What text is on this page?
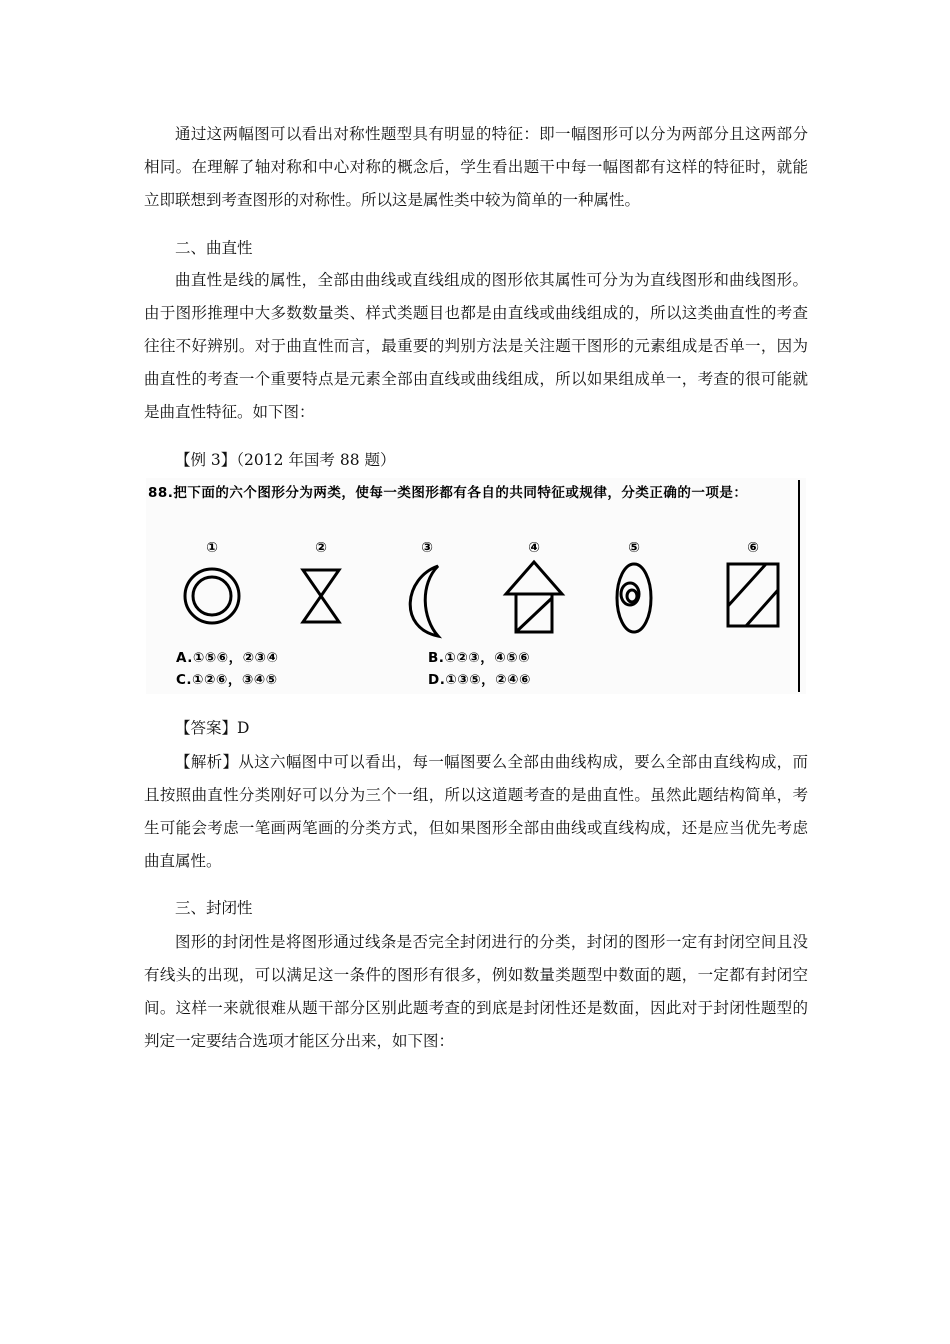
通过这两幅图可以看出对称性题型具有明显的特征：即一幅图形可以分为两部分且这两部分相同。在理解了轴对称和中心对称的概念后，学生看出题干中每一幅图都有这样的特征时，就能立即联想到考查图形的对称性。所以这是属性类中较为简单的一种属性。

二、曲直性

曲直性是线的属性，全部由曲线或直线组成的图形依其属性可分为为直线图形和曲线图形。由于图形推理中大多数数量类、样式类题目也都是由直线或曲线组成的，所以这类曲直性的考查往往不好辨别。对于曲直性而言，最重要的判别方法是关注题干图形的元素组成是否单一，因为曲直性的考查一个重要特点是元素全部由直线或曲线组成，所以如果组成单一，考查的很可能就是曲直性特征。如下图：

【例 3】（2012 年国考 88 题）

88.把下面的六个图形分为两类，使每一类图形都有各自的共同特征或规律，分类正确的一项是：
①	②	③	④	⑤	⑥
A.①⑤⑥，②③④	B.①②③，④⑤⑥
C.①②⑥，③④⑤	D.①③⑤，②④⑥

【答案】D

【解析】从这六幅图中可以看出，每一幅图要么全部由曲线构成，要么全部由直线构成，而且按照曲直性分类刚好可以分为三个一组，所以这道题考查的是曲直性。虽然此题结构简单，考生可能会考虑一笔画两笔画的分类方式，但如果图形全部由曲线或直线构成，还是应当优先考虑曲直属性。

三、封闭性

图形的封闭性是将图形通过线条是否完全封闭进行的分类，封闭的图形一定有封闭空间且没有线头的出现，可以满足这一条件的图形有很多，例如数量类题型中数面的题，一定都有封闭空间。这样一来就很难从题干部分区别此题考查的到底是封闭性还是数面，因此对于封闭性题型的判定一定要结合选项才能区分出来，如下图：
